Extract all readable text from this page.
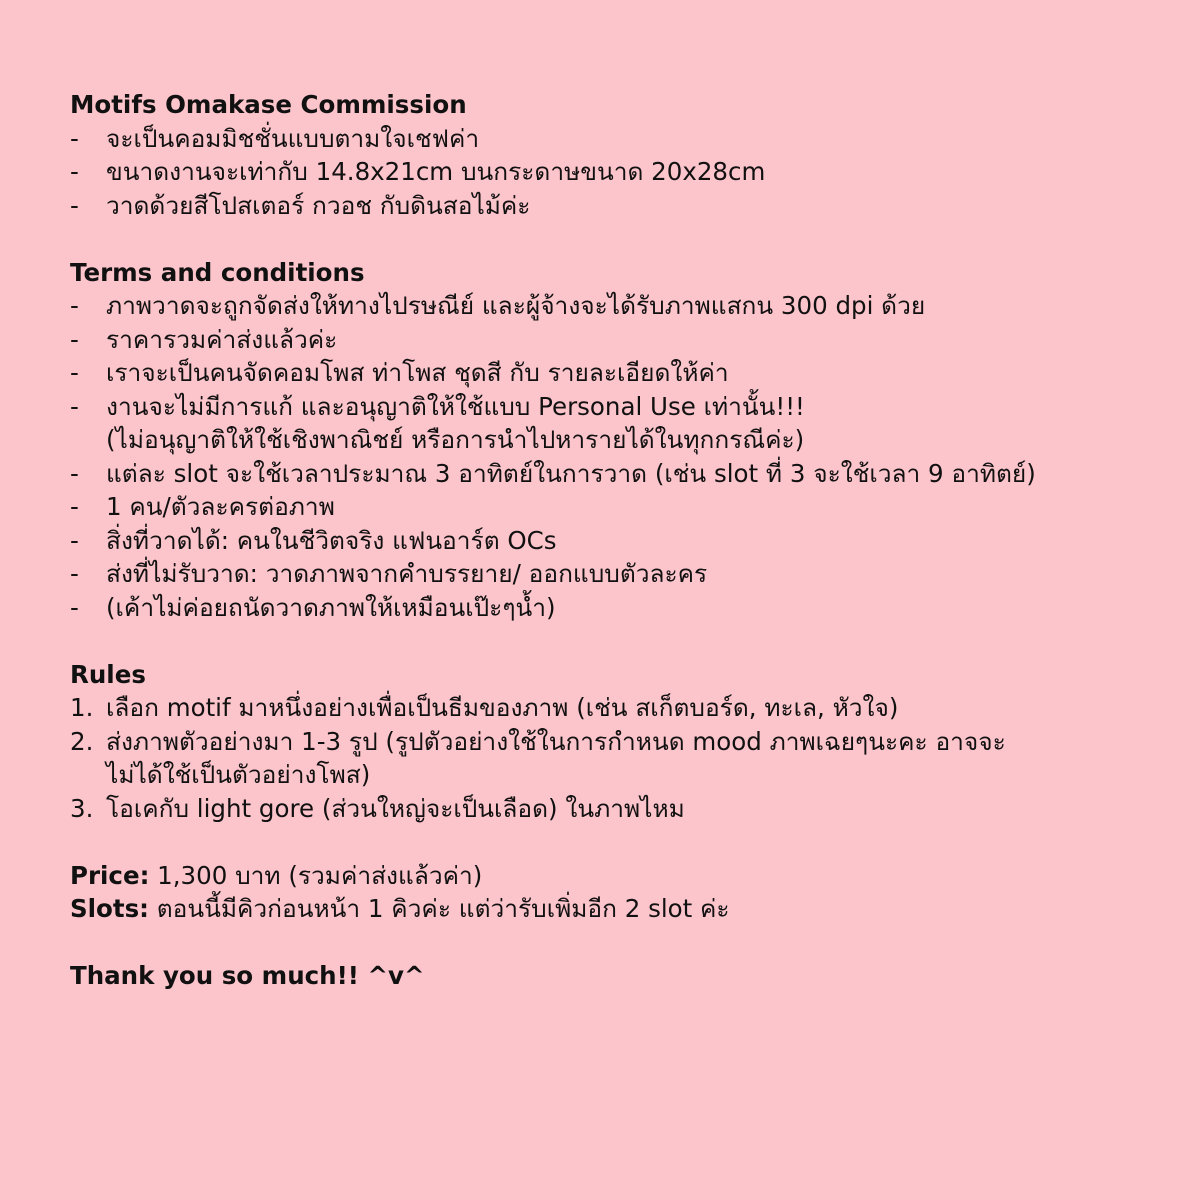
Motifs Omakase Commission
-	จะเป็นคอมมิชชั่นแบบตามใจเชฟค่า
-	ขนาดงานจะเท่ากับ 14.8x21cm บนกระดาษขนาด 20x28cm
-	วาดด้วยสีโปสเตอร์ กวอช กับดินสอไม้ค่ะ
Terms and conditions
-	ภาพวาดจะถูกจัดส่งให้ทางไปรษณีย์ และผู้จ้างจะได้รับภาพแสกน 300 dpi ด้วย
-	ราคารวมค่าส่งแล้วค่ะ
-	เราจะเป็นคนจัดคอมโพส ท่าโพส ชุดสี กับ รายละเอียดให้ค่า
-	งานจะไม่มีการแก้ และอนุญาติให้ใช้แบบ Personal Use เท่านั้น!!!
(ไม่อนุญาติให้ใช้เชิงพาณิชย์ หรือการนำไปหารายได้ในทุกกรณีค่ะ)
-	แต่ละ slot จะใช้เวลาประมาณ 3 อาทิตย์ในการวาด (เช่น slot ที่ 3 จะใช้เวลา 9 อาทิตย์)
-	1 คน/ตัวละครต่อภาพ
-	สิ่งที่วาดได้: คนในชีวิตจริง แฟนอาร์ต OCs
-	ส่งที่ไม่รับวาด: วาดภาพจากคำบรรยาย/ ออกแบบตัวละคร
-	(เค้าไม่ค่อยถนัดวาดภาพให้เหมือนเป๊ะๆนํ้า)
Rules
1. เลือก motif มาหนึ่งอย่างเพื่อเป็นธีมของภาพ (เช่น สเก็ตบอร์ด, ทะเล, หัวใจ)
2. ส่งภาพตัวอย่างมา 1-3 รูป (รูปตัวอย่างใช้ในการกำหนด mood ภาพเฉยๆนะคะ อาจจะ
ไม่ได้ใช้เป็นตัวอย่างโพส)
3. โอเคกับ light gore (ส่วนใหญ่จะเป็นเลือด) ในภาพไหม
Price: 1,300 บาท (รวมค่าส่งแล้วค่า)
Slots: ตอนนี้มีคิวก่อนหน้า 1 คิวค่ะ แต่ว่ารับเพิ่มอีก 2 slot ค่ะ
Thank you so much!! ^v^
